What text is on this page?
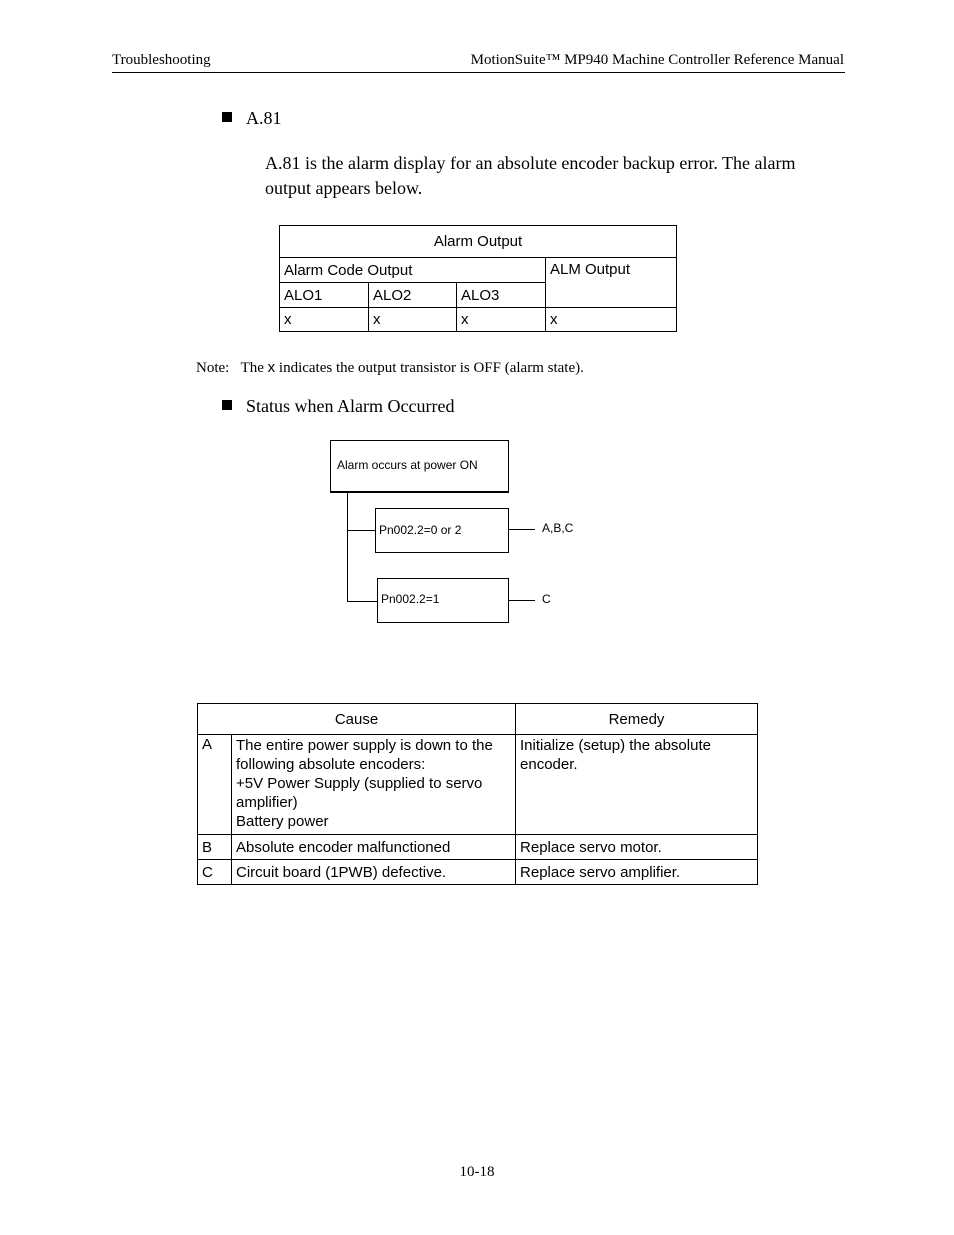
Troubleshooting	MotionSuite™ MP940 Machine Controller Reference Manual
A.81
A.81 is the alarm display for an absolute encoder backup error. The alarm output appears below.
Alarm Output			
Alarm Code Output			ALM Output
ALO1	ALO2	ALO3	
x	x	x	x
Note: The x indicates the output transistor is OFF (alarm state).
Status when Alarm Occurred
Alarm occurs at power ON
Pn002.2=0 or 2	A,B,C
Pn002.2=1	C
Cause		Remedy
A	The entire power supply is down to the following absolute encoders:
+5V Power Supply (supplied to servo amplifier)
Battery power	Initialize (setup) the absolute encoder.
B	Absolute encoder malfunctioned	Replace servo motor.
C	Circuit board (1PWB) defective.	Replace servo amplifier.
10-18
